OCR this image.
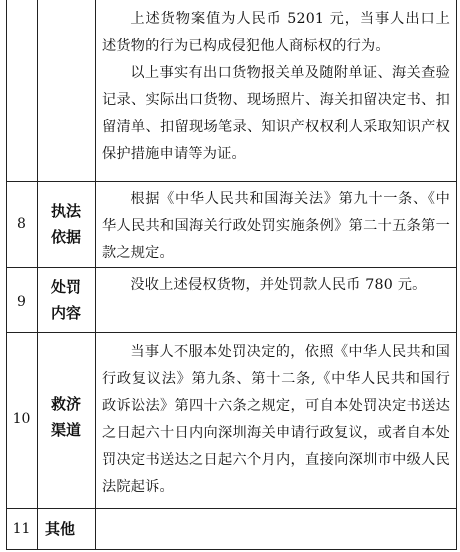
上述货物案值为人民币 5201 元，当事人出口上述货物的行为已构成侵犯他人商标权的行为。

以上事实有出口货物报关单及随附单证、海关查验记录、实际出口货物、现场照片、海关扣留决定书、扣留清单、扣留现场笔录、知识产权权利人采取知识产权保护措施申请等为证。

8
执法依据

根据《中华人民共和国海关法》第九十一条、《中华人民共和国海关行政处罚实施条例》第二十五条第一款之规定。

9
处罚内容

没收上述侵权货物，并处罚款人民币 780 元。

10
救济渠道

当事人不服本处罚决定的，依照《中华人民共和国行政复议法》第九条、第十二条,《中华人民共和国行政诉讼法》第四十六条之规定，可自本处罚决定书送达之日起六十日内向深圳海关申请行政复议，或者自本处罚决定书送达之日起六个月内，直接向深圳市中级人民法院起诉。

11 其他
